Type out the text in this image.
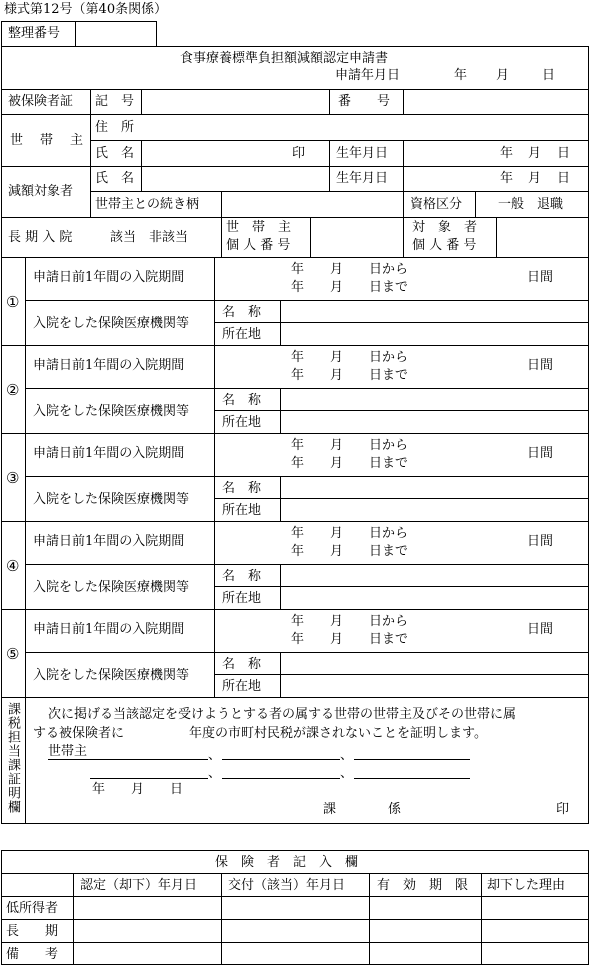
様式第12号（第40条関係）
整理番号
食事療養標準負担額減額認定申請書
申請年月日	年 月	日
被保険者証 記　号	番　　号
世　帯　主
住　所
氏　名	印 生年月日	年 月 日
減額対象者
氏　名	生年月日	年 月 日
世帯主との続き柄	資格区分	一般　退職
長 期 入 院	該当　非該当
世　帯　主
個 人 番 号
対　象　者
個 人 番 号
①
申請日前1年間の入院期間
年　　月　　日から
年　　月　　日まで
日間
入院をした保険医療機関等
名　称
所在地
②
申請日前1年間の入院期間
年　　月　　日から
年　　月　　日まで
日間
入院をした保険医療機関等
名　称
所在地
③
申請日前1年間の入院期間
年　　月　　日から
年　　月　　日まで
日間
入院をした保険医療機関等
名　称
所在地
④
申請日前1年間の入院期間
年　　月　　日から
年　　月　　日まで
日間
入院をした保険医療機関等
名　称
所在地
⑤
申請日前1年間の入院期間
年　　月　　日から
年　　月　　日まで
日間
入院をした保険医療機関等
名　称
所在地
課税担当課証明欄 次に掲げる当該認定を受けようとする者の属する世帯の世帯主及びその世帯に属
する被保険者に　　　　　年度の市町村民税が課されないことを証明します。
世帯主	、	、
、	、
年　　月　　日
課　　　　係	印
保　険　者　記　入　欄
認定（却下）年月日 交付（該当）年月日 有　効　期　限 却下した理由
低所得者
長　　期
備　　考
